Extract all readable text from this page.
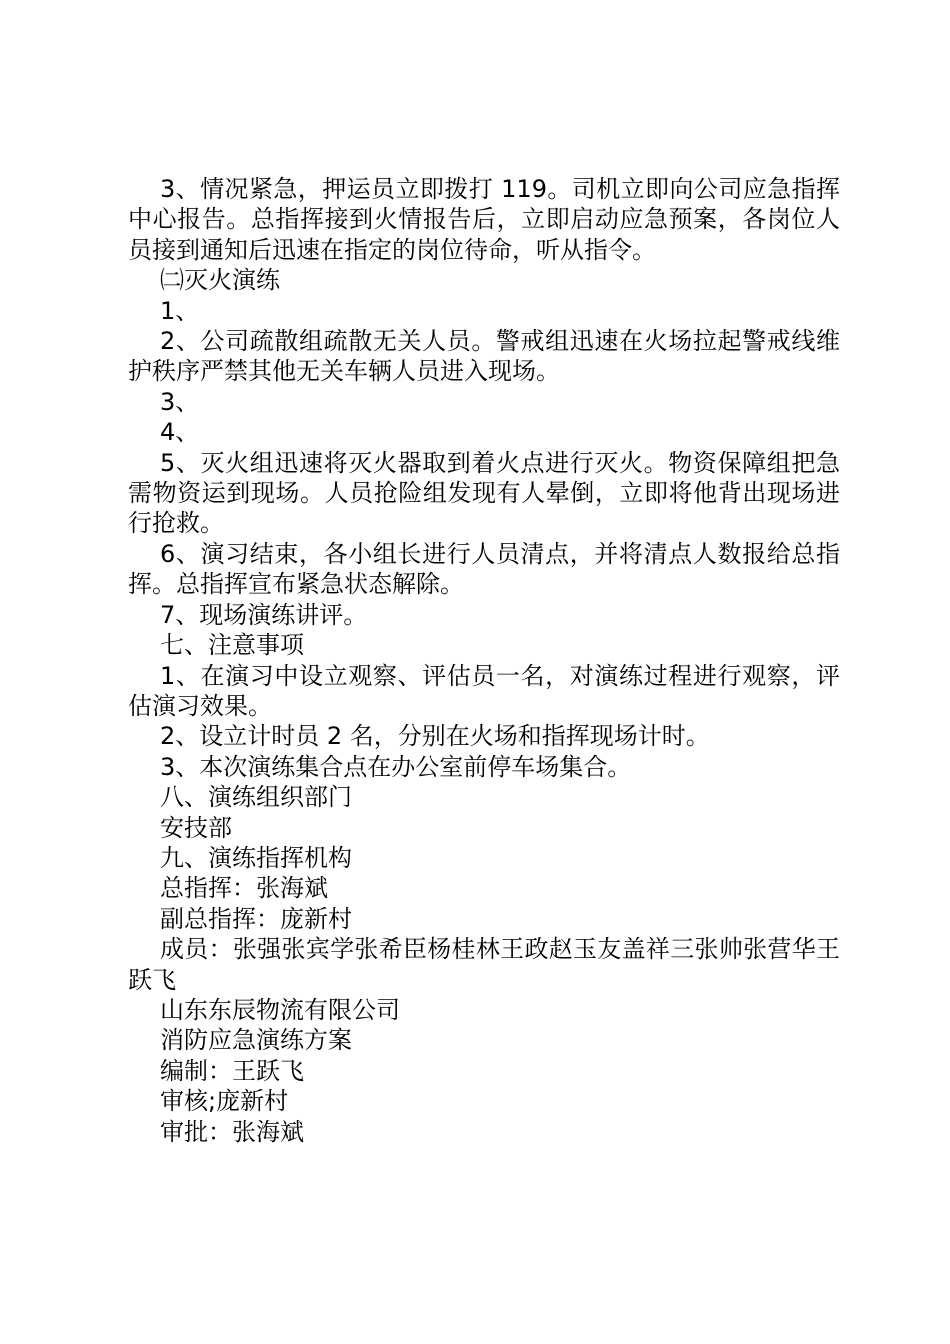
3、情况紧急，押运员立即拨打 119。司机立即向公司应急指挥中心报告。总指挥接到火情报告后，立即启动应急预案，各岗位人员接到通知后迅速在指定的岗位待命，听从指令。

㈡灭火演练

1、

2、公司疏散组疏散无关人员。警戒组迅速在火场拉起警戒线维护秩序严禁其他无关车辆人员进入现场。

3、

4、

5、灭火组迅速将灭火器取到着火点进行灭火。物资保障组把急需物资运到现场。人员抢险组发现有人晕倒，立即将他背出现场进行抢救。

6、演习结束，各小组长进行人员清点，并将清点人数报给总指挥。总指挥宣布紧急状态解除。

7、现场演练讲评。

七、注意事项

1、在演习中设立观察、评估员一名，对演练过程进行观察，评估演习效果。

2、设立计时员 2 名，分别在火场和指挥现场计时。

3、本次演练集合点在办公室前停车场集合。

八、演练组织部门

安技部

九、演练指挥机构

总指挥：张海斌

副总指挥：庞新村

成员：张强张宾学张希臣杨桂林王政赵玉友盖祥三张帅张营华王跃飞

山东东辰物流有限公司

消防应急演练方案

编制：王跃飞

审核;庞新村

审批：张海斌
